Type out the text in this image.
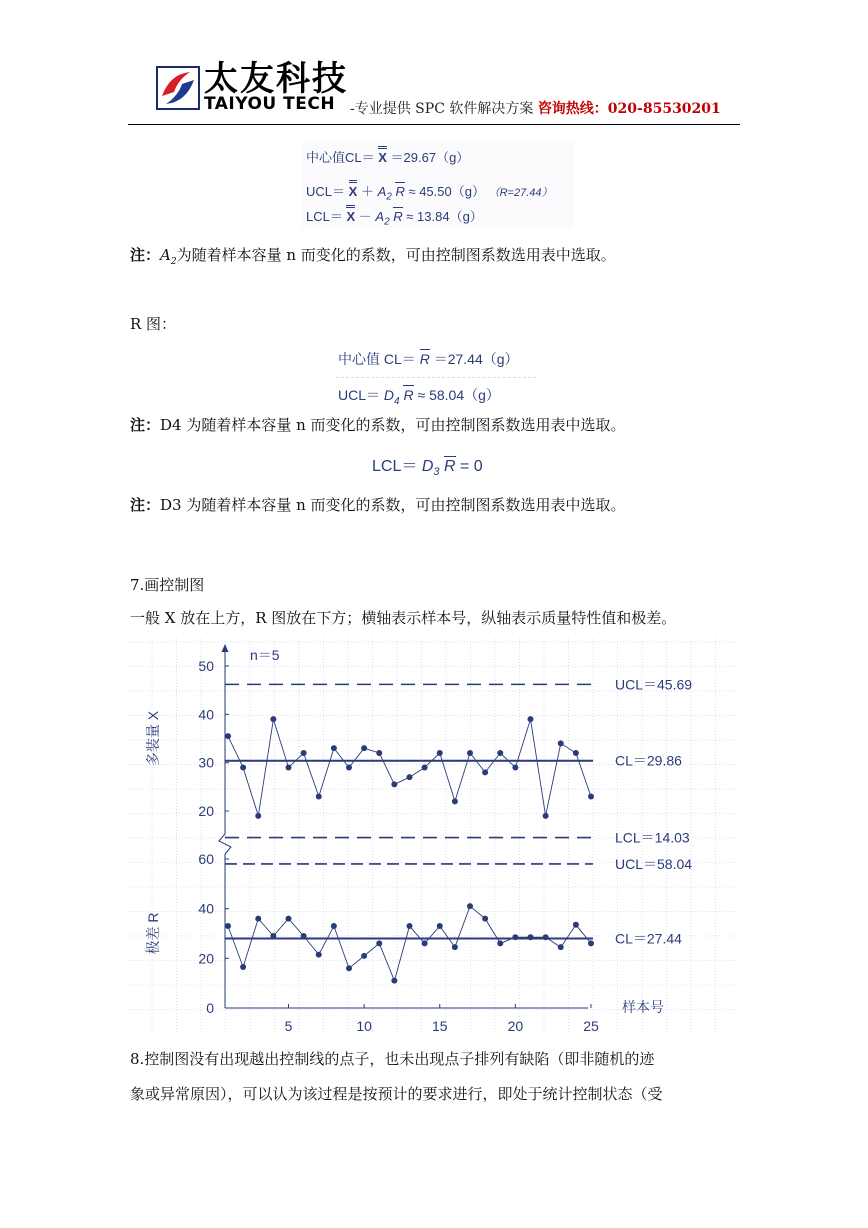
太友科技
TAIYOU TECH -专业提供 SPC 软件解决方案 咨询热线：020-85530201
中心值CL＝ X ＝29.67（g）
$UCL= X + A_2$ R ≈ 45.50（g） （R=27.44）
$LCL= X - A_2$ R ≈ 13.84（g）
注：$A_2$为随着样本容量 n 而变化的系数，可由控制图系数选用表中选取。
R 图：
中心值 CL＝ R ＝27.44（g）
$UCL= D_4$ R ≈ 58.04（g）
注：D4 为随着样本容量 n 而变化的系数，可由控制图系数选用表中选取。
$LCL= D_3$ R = 0
注：D3 为随着样本容量 n 而变化的系数，可由控制图系数选用表中选取。
7.画控制图
一般 X 放在上方，R 图放在下方；横轴表示样本号，纵轴表示质量特性值和极差。
20
30
40
50
UCL＝45.69
CL＝29.86
LCL＝14.03
多装量 X
0
20
40
60	UCL＝58.04
CL＝27.44
极差 R
n＝5
5	10	15	20	25
样本号
8.控制图没有出现越出控制线的点子，也未出现点子排列有缺陷（即非随机的迹
象或异常原因），可以认为该过程是按预计的要求进行，即处于统计控制状态（受
